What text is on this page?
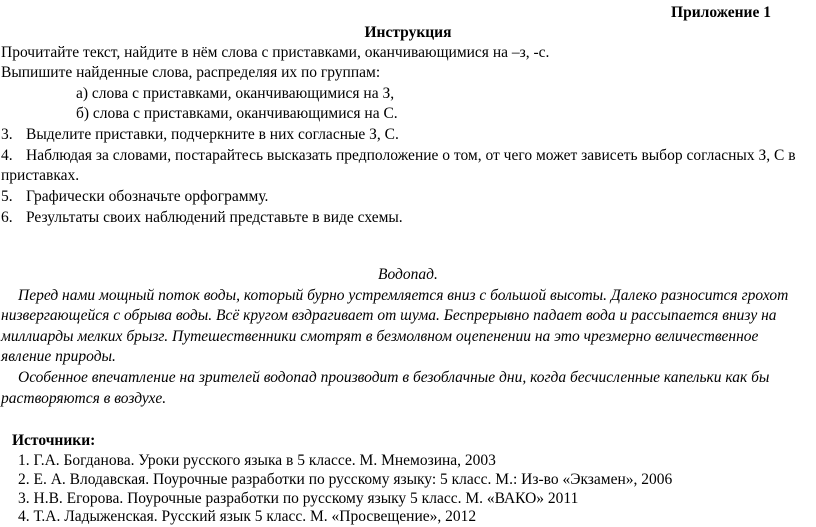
Приложение 1
Инструкция
Прочитайте текст, найдите в нём слова с приставками, оканчивающимися на –з, -с.
Выпишите найденные слова, распределяя их по группам:
а) слова с приставками, оканчивающимися на З,
б) слова с приставками, оканчивающимися на С.
3. Выделите приставки, подчеркните в них согласные З, С.
4. Наблюдая за словами, постарайтесь высказать предположение о том, от чего может зависеть выбор согласных З, С в
приставках.
5. Графически обозначьте орфограмму.
6. Результаты своих наблюдений представьте в виде схемы.
Водопад.
Перед нами мощный поток воды, который бурно устремляется вниз с большой высоты. Далеко разносится грохот
низвергающейся с обрыва воды. Всё кругом вздрагивает от шума. Беспрерывно падает вода и рассыпается внизу на
миллиарды мелких брызг. Путешественники смотрят в безмолвном оцепенении на это чрезмерно величественное
явление природы.
Особенное впечатление на зрителей водопад производит в безоблачные дни, когда бесчисленные капельки как бы
растворяются в воздухе.
Источники:
1. Г.А. Богданова. Уроки русского языка в 5 классе. М. Мнемозина, 2003
2. Е. А. Влодавская. Поурочные разработки по русскому языку: 5 класс. М.: Из-во «Экзамен», 2006
3. Н.В. Егорова. Поурочные разработки по русскому языку 5 класс. М. «ВАКО» 2011
4. Т.А. Ладыженская. Русский язык 5 класс. М. «Просвещение», 2012
